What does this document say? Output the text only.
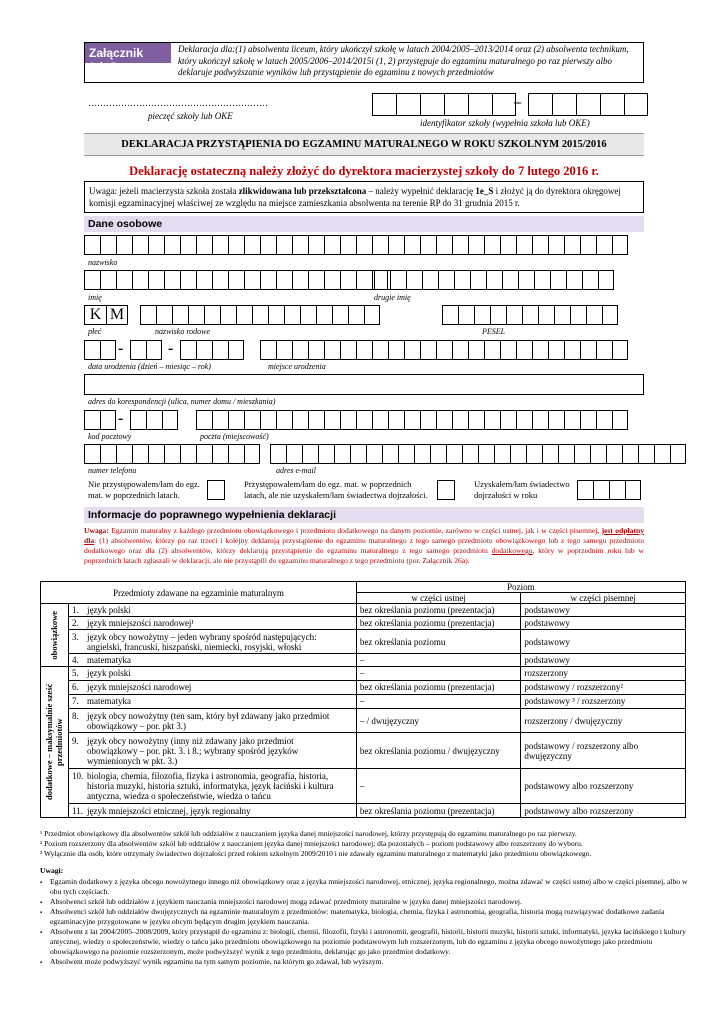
Załącznik 1d_S
Deklaracja dla:(1) absolwenta liceum, który ukończył szkołę w latach 2004/2005–2013/2014 oraz (2) absolwenta technikum, który ukończył szkołę w latach 2005/2006–2014/2015i (1, 2) przystępuje do egzaminu maturalnego po raz pierwszy albo deklaruje podwyższanie wyników lub przystąpienie do egzaminu z nowych przedmiotów
……………………………………………………
pieczęć szkoły lub OKE
–
identyfikator szkoły (wypełnia szkoła lub OKE)
DEKLARACJA PRZYSTĄPIENIA DO EGZAMINU MATURALNEGO W ROKU SZKOLNYM 2015/2016
Deklarację ostateczną należy złożyć do dyrektora macierzystej szkoły do 7 lutego 2016 r.
Uwaga: jeżeli macierzysta szkoła została zlikwidowana lub przekształcona – należy wypełnić deklarację 1e_S i złożyć ją do dyrektora okręgowej komisji egzaminacyjnej właściwej ze względu na miejsce zamieszkania absolwenta na terenie RP do 31 grudnia 2015 r.
Dane osobowe
nazwisko
imię	drugie imię
K M
płeć	nazwisko rodowe	PESEL
-	-
data urodzenia (dzień – miesiąc – rok)	miejsce urodzenia
adres do korespondencji (ulica, numer domu / mieszkania)
-
kod pocztowy	poczta (miejscowość)
numer telefonu	adres e-mail
Nie przystępowałem/łam do egz. mat. w poprzednich latach.
Przystępowałem/łam do egz. mat. w poprzednich latach, ale nie uzyskałem/łam świadectwa dojrzałości.
Uzyskałem/łam świadectwo dojrzałości w roku
Informacje do poprawnego wypełnienia deklaracji
Uwaga: Egzamin maturalny z każdego przedmiotu obowiązkowego i przedmiotu dodatkowego na danym poziomie, zarówno w części ustnej, jak i w części pisemnej, jest odpłatny dla: (1) absolwentów, którzy po raz trzeci i kolejny deklarują przystąpienie do egzaminu maturalnego z tego samego przedmiotu obowiązkowego lub z tego samego przedmiotu dodatkowego oraz dla (2) absolwentów, którzy deklarują przystąpienie do egzaminu maturalnego z tego samego przedmiotu dodatkowego, który w poprzednim roku lub w poprzednich latach zgłaszali w deklaracji, ale nie przystąpili do egzaminu maturalnego z tego przedmiotu (por. Załącznik 26a).
Przedmioty zdawane na egzaminie maturalnym		Poziom	
		w części ustnej	w części pisemnej

obowiązkowe	1. język polski	bez określania poziomu (prezentacja)	podstawowy
	2. język mniejszości narodowej¹	bez określania poziomu (prezentacja)	podstawowy
	3. język obcy nowożytny – jeden wybrany spośród następujących: angielski, francuski, hiszpański, niemiecki, rosyjski, włoski	bez określania poziomu	podstawowy
	4. matematyka	–	podstawowy

dodatkowe – maksymalnie sześć przedmiotów	5. język polski	–	rozszerzony
	6. język mniejszości narodowej	bez określania poziomu (prezentacja)	podstawowy / rozszerzony²
	7. matematyka	–	podstawowy ³ / rozszerzony
	8. język obcy nowożytny (ten sam, który był zdawany jako przedmiot obowiązkowy – por. pkt 3.)	– / dwujęzyczny	rozszerzony / dwujęzyczny
	9. język obcy nowożytny (inny niż zdawany jako przedmiot obowiązkowy – por. pkt. 3. i 8.; wybrany spośród języków wymienionych w pkt. 3.)	bez określania poziomu / dwujęzyczny	podstawowy / rozszerzony albo dwujęzyczny
	10. biologia, chemia, filozofia, fizyka i astronomia, geografia, historia, historia muzyki, historia sztuki, informatyka, język łaciński i kultura antyczna, wiedza o społeczeństwie, wiedza o tańcu	–	podstawowy albo rozszerzony
	11. język mniejszości etnicznej, język regionalny	bez określania poziomu (prezentacja)	podstawowy albo rozszerzony
¹ Przedmiot obowiązkowy dla absolwentów szkół lub oddziałów z nauczaniem języka danej mniejszości narodowej, którzy przystępują do egzaminu maturalnego po raz pierwszy.
² Poziom rozszerzony dla absolwentów szkół lub oddziałów z nauczaniem języka danej mniejszości narodowej; dla pozostałych – poziom podstawowy albo rozszerzony do wyboru.
³ Wyłącznie dla osób, które otrzymały świadectwo dojrzałości przed rokiem szkolnym 2009/2010 i nie zdawały egzaminu maturalnego z matematyki jako przedmiotu obowiązkowego.
Uwagi:
▪ Egzamin dodatkowy z języka obcego nowożytnego innego niż obowiązkowy oraz z języka mniejszości narodowej, etnicznej, języka regionalnego, można zdawać w części ustnej albo w części pisemnej, albo w obu tych częściach.
▪ Absolwenci szkół lub oddziałów z językiem nauczania mniejszości narodowej mogą zdawać przedmioty maturalne w języku danej mniejszości narodowej.
▪ Absolwenci szkół lub oddziałów dwujęzycznych na egzaminie maturalnym z przedmiotów: matematyka, biologia, chemia, fizyka i astronomia, geografia, historia mogą rozwiązywać dodatkowe zadania egzaminacyjne przygotowane w języku obcym będącym drugim językiem nauczania.
▪ Absolwent z lat 2004/2005–2008/2009, który przystąpił do egzaminu z: biologii, chemii, filozofii, fizyki i astronomii, geografii, historii, historii muzyki, historii sztuki, informatyki, języka łacińskiego i kultury antycznej, wiedzy o społeczeństwie, wiedzy o tańcu jako przedmiotu obowiązkowego na poziomie podstawowym lub rozszerzonym, lub do egzaminu z języka obcego nowożytnego jako przedmiotu obowiązkowego na poziomie rozszerzonym, może podwyższyć wynik z tego przedmiotu, deklarując go jako przedmiot dodatkowy.
▪ Absolwent może podwyższyć wynik egzaminu na tym samym poziomie, na którym go zdawał, lub wyższym.
